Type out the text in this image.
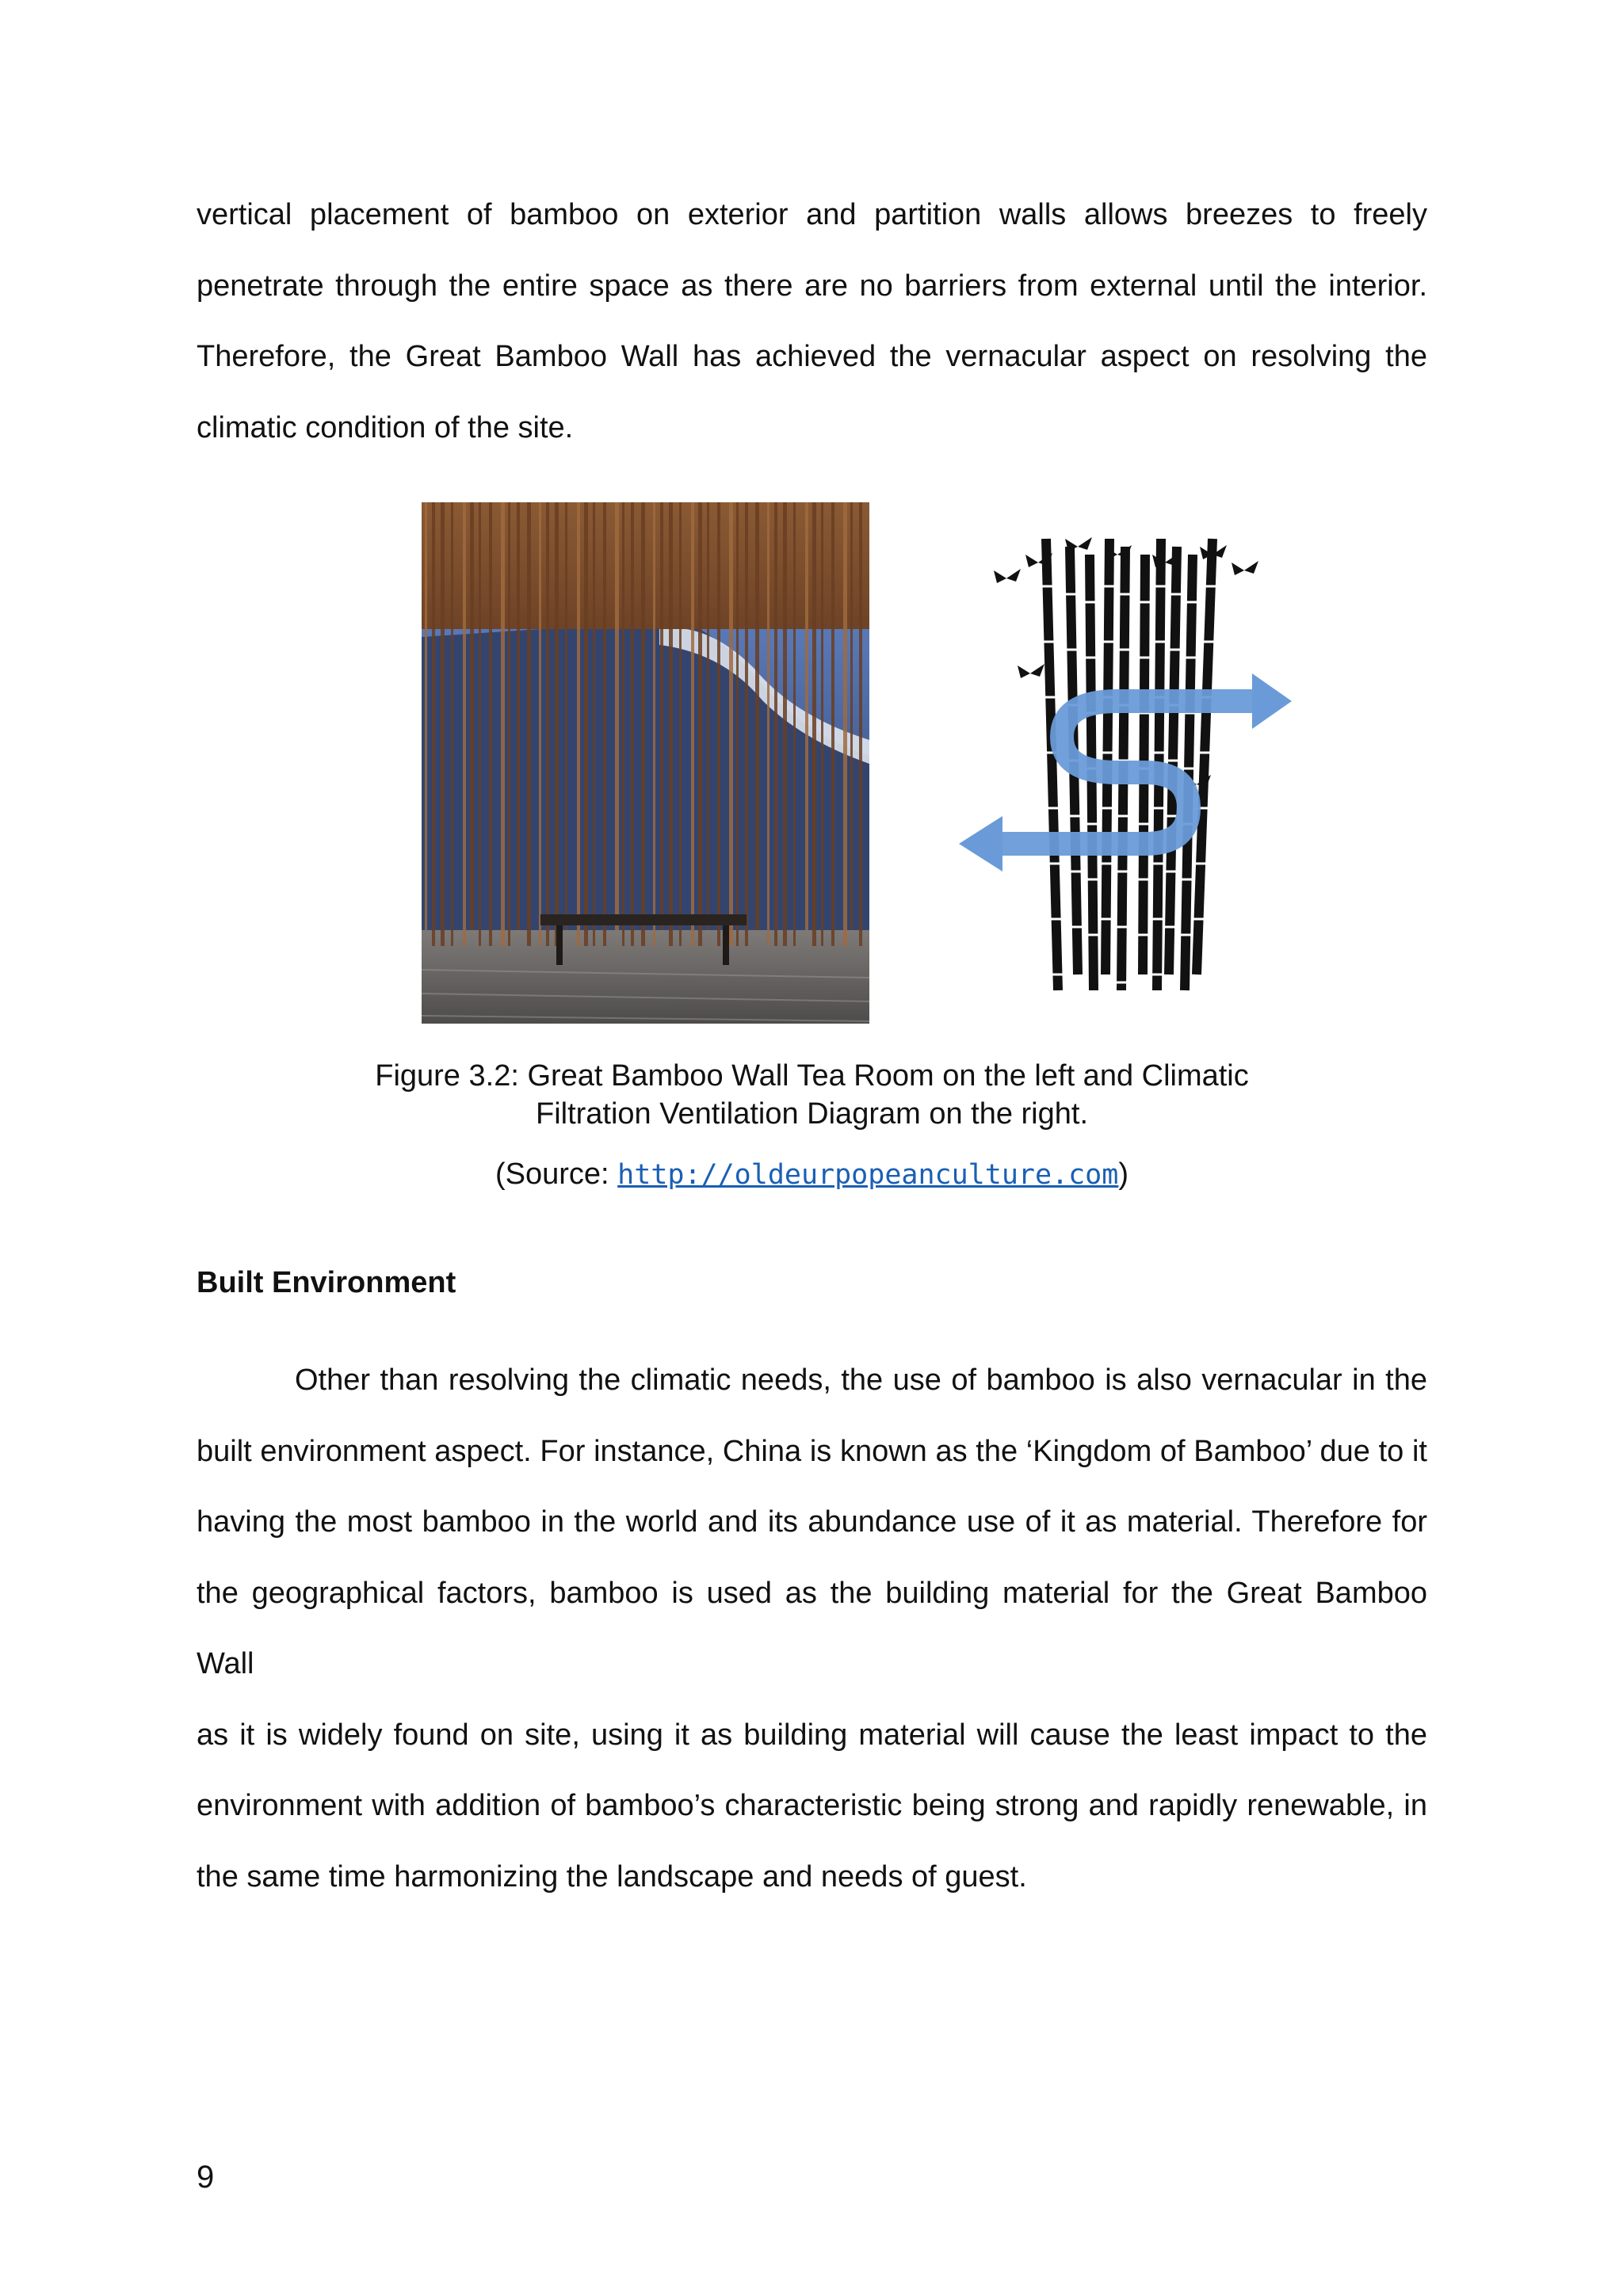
vertical placement of bamboo on exterior and partition walls allows breezes to freely
penetrate through the entire space as there are no barriers from external until the interior.
Therefore, the Great Bamboo Wall has achieved the vernacular aspect on resolving the
climatic condition of the site.
Figure 3.2: Great Bamboo Wall Tea Room on the left and Climatic
Filtration Ventilation Diagram on the right.
(Source: http://oldeurpopeanculture.com)
Built Environment
Other than resolving the climatic needs, the use of bamboo is also vernacular in the
built environment aspect. For instance, China is known as the ‘Kingdom of Bamboo’ due to it
having the most bamboo in the world and its abundance use of it as material. Therefore for
the geographical factors, bamboo is used as the building material for the Great Bamboo Wall
as it is widely found on site, using it as building material will cause the least impact to the
environment with addition of bamboo’s characteristic being strong and rapidly renewable, in
the same time harmonizing the landscape and needs of guest.
9
